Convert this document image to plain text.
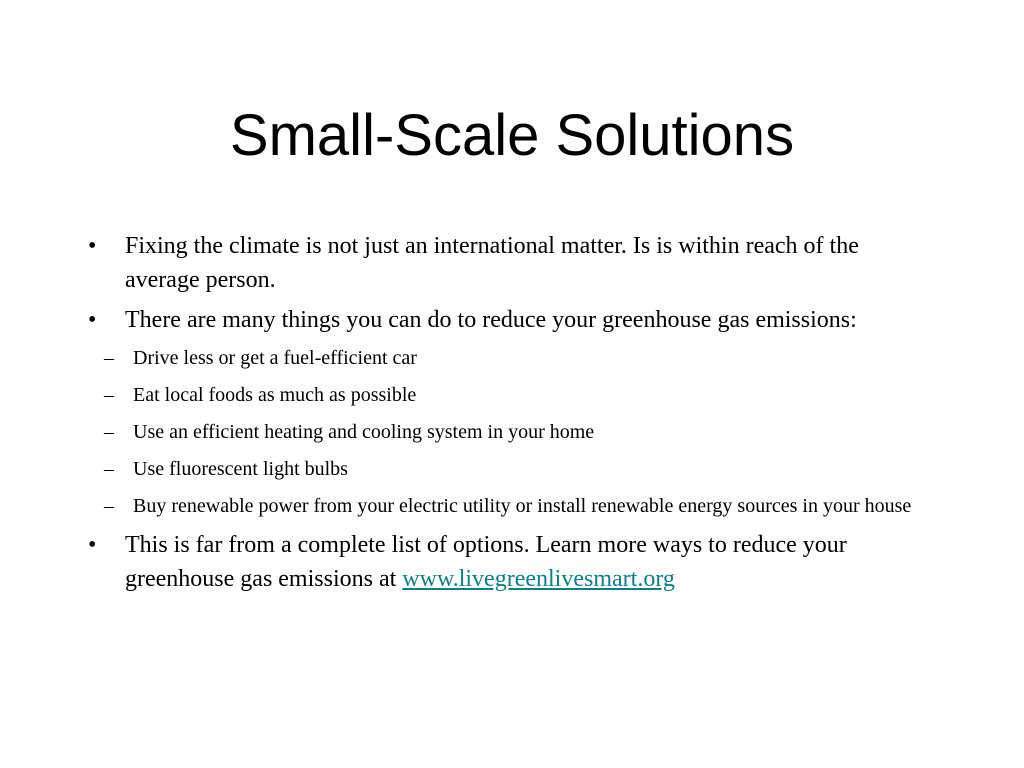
Small-Scale Solutions
•	Fixing the climate is not just an international matter. Is is within reach of the average person.
•	There are many things you can do to reduce your greenhouse gas emissions:
– Drive less or get a fuel-efficient car
– Eat local foods as much as possible
– Use an efficient heating and cooling system in your home
– Use fluorescent light bulbs
– Buy renewable power from your electric utility or install renewable energy sources in your house
•	This is far from a complete list of options. Learn more ways to reduce your greenhouse gas emissions at www.livegreenlivesmart.org
